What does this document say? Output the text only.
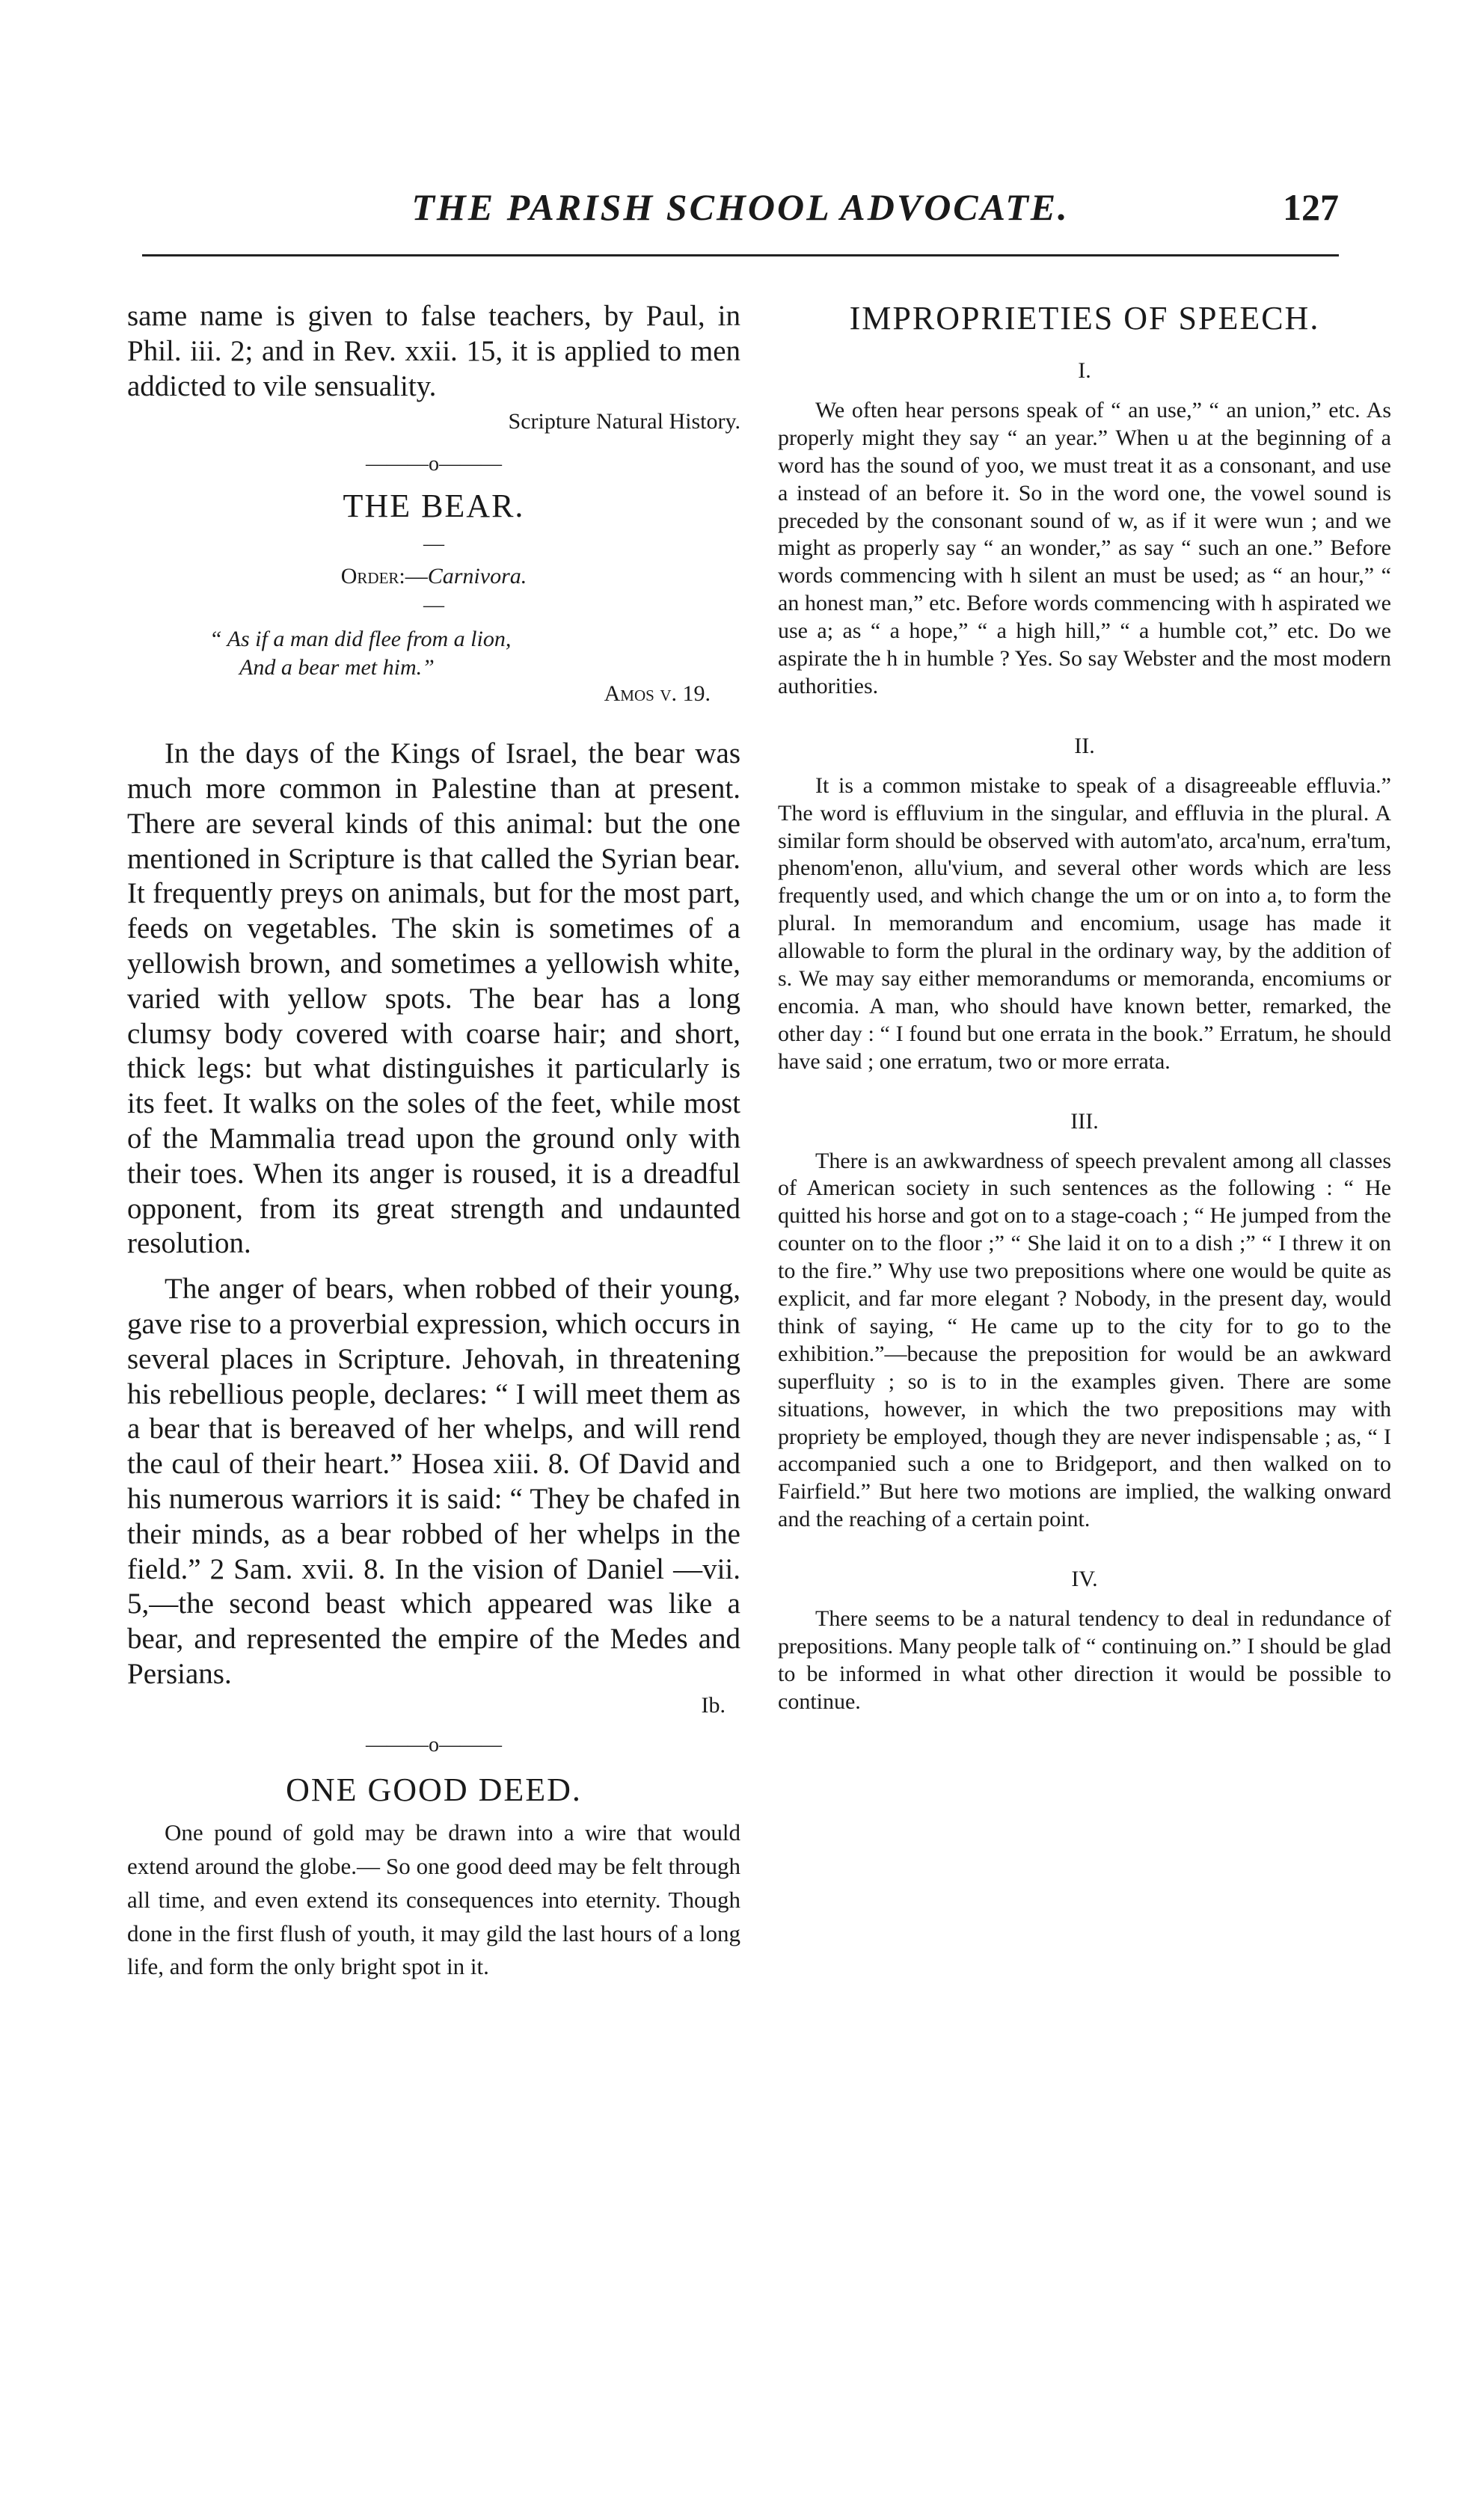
THE PARISH SCHOOL ADVOCATE.	127

same name is given to false teachers, by Paul, in Phil. iii. 2; and in Rev. xxii. 15, it is applied to men addicted to vile sensuality.

Scripture Natural History.

———o———
THE BEAR.
—
Order:—Carnivora.
—
“ As if a man did flee from a lion,
And a bear met him.”
Amos v. 19.

In the days of the Kings of Israel, the bear was much more common in Palestine than at present. There are several kinds of this animal: but the one mentioned in Scripture is that called the Syrian bear. It frequently preys on animals, but for the most part, feeds on vegetables. The skin is sometimes of a yellowish brown, and sometimes a yellowish white, varied with yellow spots. The bear has a long clumsy body covered with coarse hair; and short, thick legs: but what distinguishes it particularly is its feet. It walks on the soles of the feet, while most of the Mammalia tread upon the ground only with their toes. When its anger is roused, it is a dreadful opponent, from its great strength and undaunted resolution.

The anger of bears, when robbed of their young, gave rise to a proverbial expression, which occurs in several places in Scripture. Jehovah, in threatening his rebellious people, declares: “ I will meet them as a bear that is bereaved of her whelps, and will rend the caul of their heart.” Hosea xiii. 8. Of David and his numerous warriors it is said: “ They be chafed in their minds, as a bear robbed of her whelps in the field.” 2 Sam. xvii. 8. In the vision of Daniel —vii. 5,—the second beast which appeared was like a bear, and represented the empire of the Medes and Persians.

Ib.

———o———
ONE GOOD DEED.

One pound of gold may be drawn into a wire that would extend around the globe.— So one good deed may be felt through all time, and even extend its consequences into eternity. Though done in the first flush of youth, it may gild the last hours of a long life, and form the only bright spot in it.

IMPROPRIETIES OF SPEECH.
I.

We often hear persons speak of “ an use,” “ an union,” etc. As properly might they say “ an year.” When u at the beginning of a word has the sound of yoo, we must treat it as a consonant, and use a instead of an before it. So in the word one, the vowel sound is preceded by the consonant sound of w, as if it were wun ; and we might as properly say “ an wonder,” as say “ such an one.” Before words commencing with h silent an must be used; as “ an hour,” “ an honest man,” etc. Before words commencing with h aspirated we use a; as “ a hope,” “ a high hill,” “ a humble cot,” etc. Do we aspirate the h in humble ? Yes. So say Webster and the most modern authorities.

II.

It is a common mistake to speak of a disagreeable effluvia.” The word is effluvium in the singular, and effluvia in the plural. A similar form should be observed with autom'ato, arca'num, erra'tum, phenom'enon, allu'vium, and several other words which are less frequently used, and which change the um or on into a, to form the plural. In memorandum and encomium, usage has made it allowable to form the plural in the ordinary way, by the addition of s. We may say either memorandums or memoranda, encomiums or encomia. A man, who should have known better, remarked, the other day : “ I found but one errata in the book.” Erratum, he should have said ; one erratum, two or more errata.

III.

There is an awkwardness of speech prevalent among all classes of American society in such sentences as the following : “ He quitted his horse and got on to a stage-coach ; “ He jumped from the counter on to the floor ;” “ She laid it on to a dish ;” “ I threw it on to the fire.” Why use two prepositions where one would be quite as explicit, and far more elegant ? Nobody, in the present day, would think of saying, “ He came up to the city for to go to the exhibition.”—because the preposition for would be an awkward superfluity ; so is to in the examples given. There are some situations, however, in which the two prepositions may with propriety be employed, though they are never indispensable ; as, “ I accompanied such a one to Bridgeport, and then walked on to Fairfield.” But here two motions are implied, the walking onward and the reaching of a certain point.

IV.

There seems to be a natural tendency to deal in redundance of prepositions. Many people talk of “ continuing on.” I should be glad to be informed in what other direction it would be possible to continue.
